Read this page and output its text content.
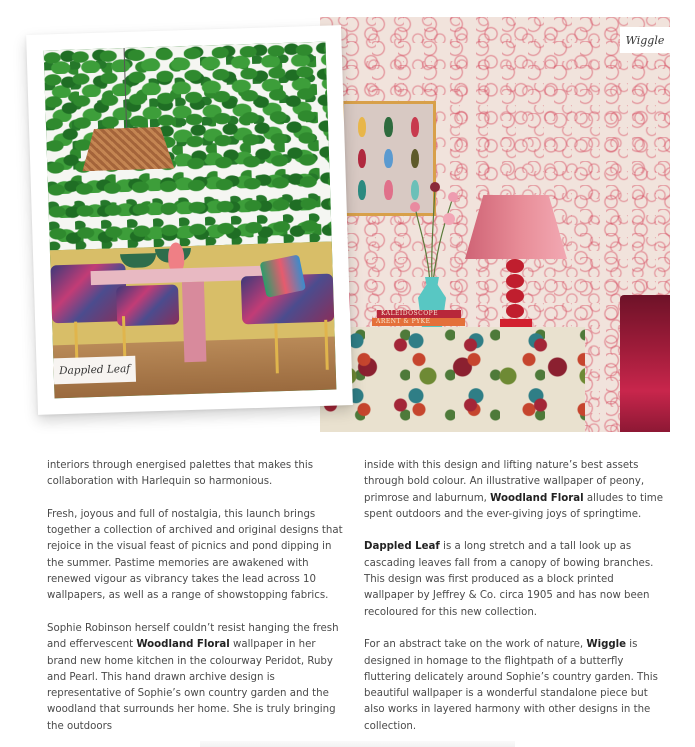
KALEIDOSCOPE
ARENT & PYKE
Wiggle
Dappled Leaf

interiors through energised palettes that makes this collaboration with Harlequin so harmonious.

Fresh, joyous and full of nostalgia, this launch brings together a collection of archived and original designs that rejoice in the visual feast of picnics and pond dipping in the summer. Pastime memories are awakened with renewed vigour as vibrancy takes the lead across 10 wallpapers, as well as a range of showstopping fabrics.

Sophie Robinson herself couldn’t resist hanging the fresh and effervescent Woodland Floral wallpaper in her brand new home kitchen in the colourway Peridot, Ruby and Pearl. This hand drawn archive design is representative of Sophie’s own country garden and the woodland that surrounds her home. She is truly bringing the outdoors

inside with this design and lifting nature’s best assets through bold colour. An illustrative wallpaper of peony, primrose and laburnum, Woodland Floral alludes to time spent outdoors and the ever-giving joys of springtime.

Dappled Leaf is a long stretch and a tall look up as cascading leaves fall from a canopy of bowing branches. This design was first produced as a block printed wallpaper by Jeffrey & Co. circa 1905 and has now been recoloured for this new collection.

For an abstract take on the work of nature, Wiggle is designed in homage to the flightpath of a butterfly fluttering delicately around Sophie’s country garden. This beautiful wallpaper is a wonderful standalone piece but also works in layered harmony with other designs in the collection.
